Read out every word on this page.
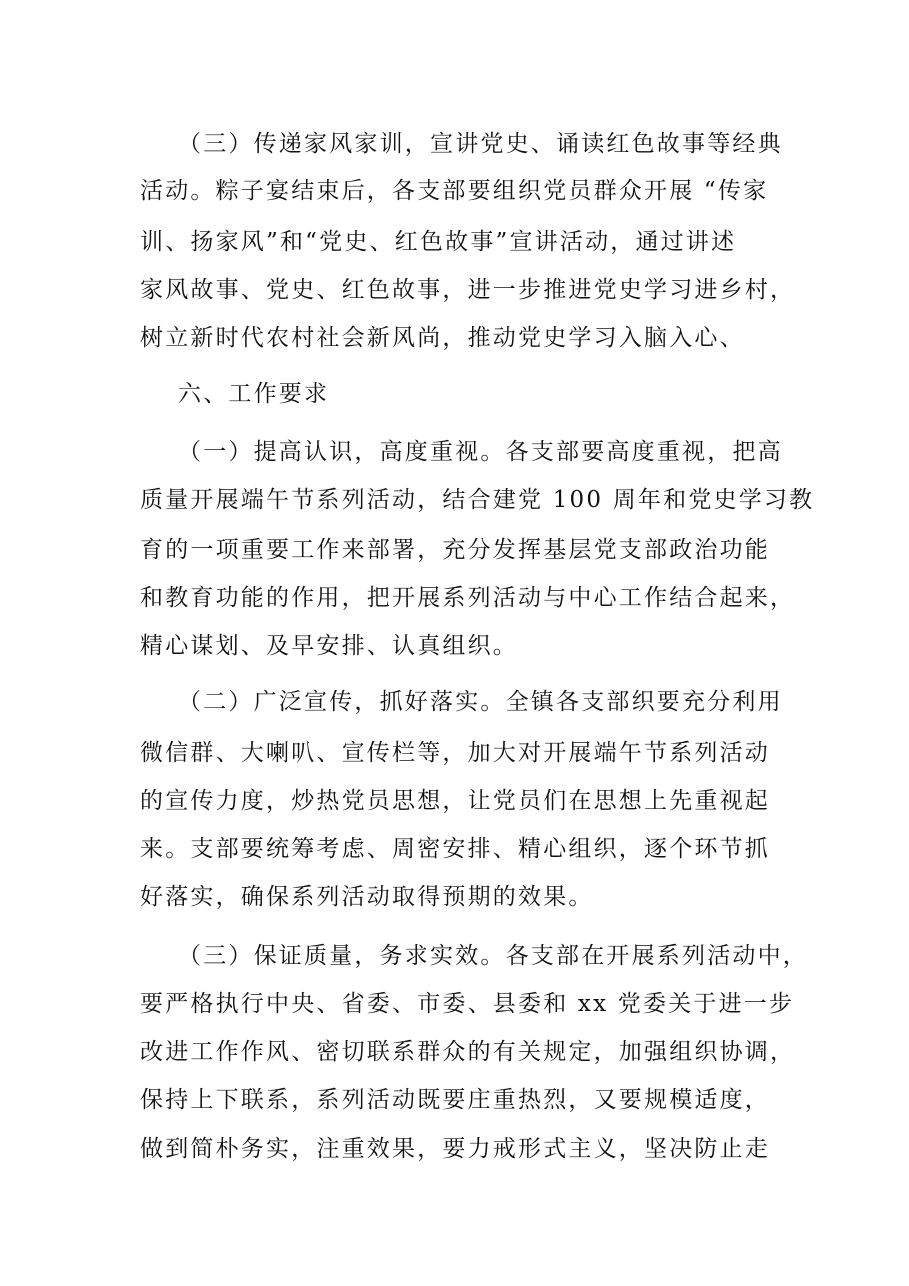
（三）传递家风家训，宣讲党史、诵读红色故事等经典
活动。粽子宴结束后，各支部要组织党员群众开展 “传家
训、扬家风”和“党史、红色故事”宣讲活动，通过讲述
家风故事、党史、红色故事，进一步推进党史学习进乡村，
树立新时代农村社会新风尚，推动党史学习入脑入心、
六、工作要求
（一）提高认识，高度重视。各支部要高度重视，把高
质量开展端午节系列活动，结合建党 100 周年和党史学习教
育的一项重要工作来部署，充分发挥基层党支部政治功能
和教育功能的作用，把开展系列活动与中心工作结合起来，
精心谋划、及早安排、认真组织。
（二）广泛宣传，抓好落实。全镇各支部织要充分利用
微信群、大喇叭、宣传栏等，加大对开展端午节系列活动
的宣传力度，炒热党员思想，让党员们在思想上先重视起
来。支部要统筹考虑、周密安排、精心组织，逐个环节抓
好落实，确保系列活动取得预期的效果。
（三）保证质量，务求实效。各支部在开展系列活动中，
要严格执行中央、省委、市委、县委和 xx 党委关于进一步
改进工作作风、密切联系群众的有关规定，加强组织协调，
保持上下联系，系列活动既要庄重热烈，又要规模适度，
做到简朴务实，注重效果，要力戒形式主义，坚决防止走
